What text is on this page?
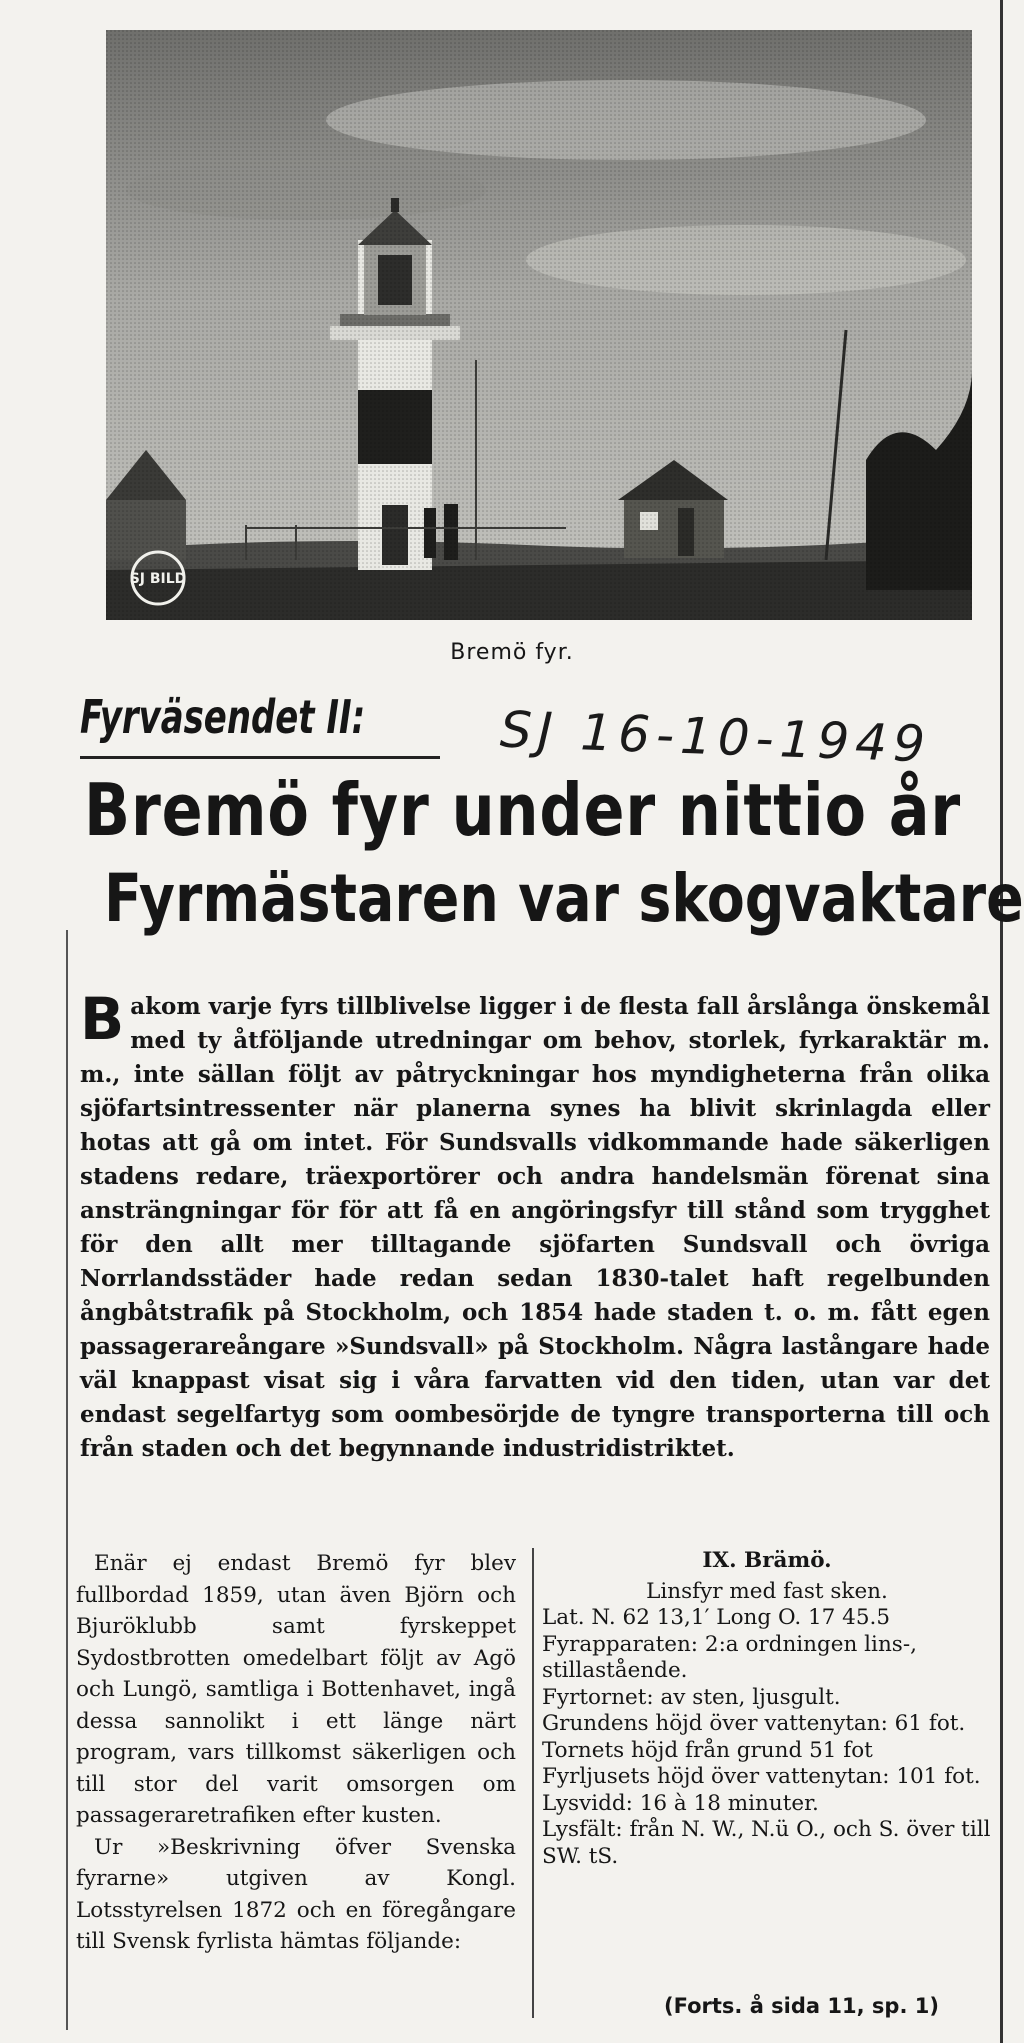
SJ BILD
Bremö fyr.
Fyrväsendet II:	SJ 16-10-1949
Bremö fyr under nittio år
Fyrmästaren var skogvaktare
B akom varje fyrs tillblivelse ligger i de flesta fall årslånga önskemål med ty åtföljande utredningar om behov, storlek, fyrkaraktär m. m., inte sällan följt av påtryckningar hos myndigheterna från olika sjöfartsintressenter när planerna synes ha blivit skrinlagda eller hotas att gå om intet. För Sundsvalls vidkommande hade säkerligen stadens redare, träexportörer och andra handelsmän förenat sina ansträngningar för för att få en angöringsfyr till stånd som trygghet för den allt mer tilltagande sjöfarten Sundsvall och övriga Norrlandsstäder hade redan sedan 1830-talet haft regelbunden ångbåtstrafik på Stockholm, och 1854 hade staden t. o. m. fått egen passagerareångare »Sundsvall» på Stockholm. Några lastångare hade väl knappast visat sig i våra farvatten vid den tiden, utan var det endast segelfartyg som oombesörjde de tyngre transporterna till och från staden och det begynnande industridistriktet.

Enär ej endast Bremö fyr blev fullbordad 1859, utan även Björn och Bjuröklubb samt fyrskeppet Sydostbrotten omedelbart följt av Agö och Lungö, samtliga i Bottenhavet, ingå dessa sannolikt i ett länge närt program, vars tillkomst säkerligen och till stor del varit omsorgen om passageraretrafiken efter kusten.

Ur »Beskrivning öfver Svenska fyrarne» utgiven av Kongl. Lotsstyrelsen 1872 och en föregångare till Svensk fyrlista hämtas följande:

IX. Brämö.
Linsfyr med fast sken.
Lat. N. 62 13,1′ Long O. 17 45.5
Fyrapparaten: 2:a ordningen lins-, stillastående.
Fyrtornet: av sten, ljusgult.
Grundens höjd över vattenytan: 61 fot.
Tornets höjd från grund 51 fot
Fyrljusets höjd över vattenytan: 101 fot.
Lysvidd: 16 à 18 minuter.
Lysfält: från N. W., N.ü O., och S. över till SW. tS.
(Forts. å sida 11, sp. 1)
